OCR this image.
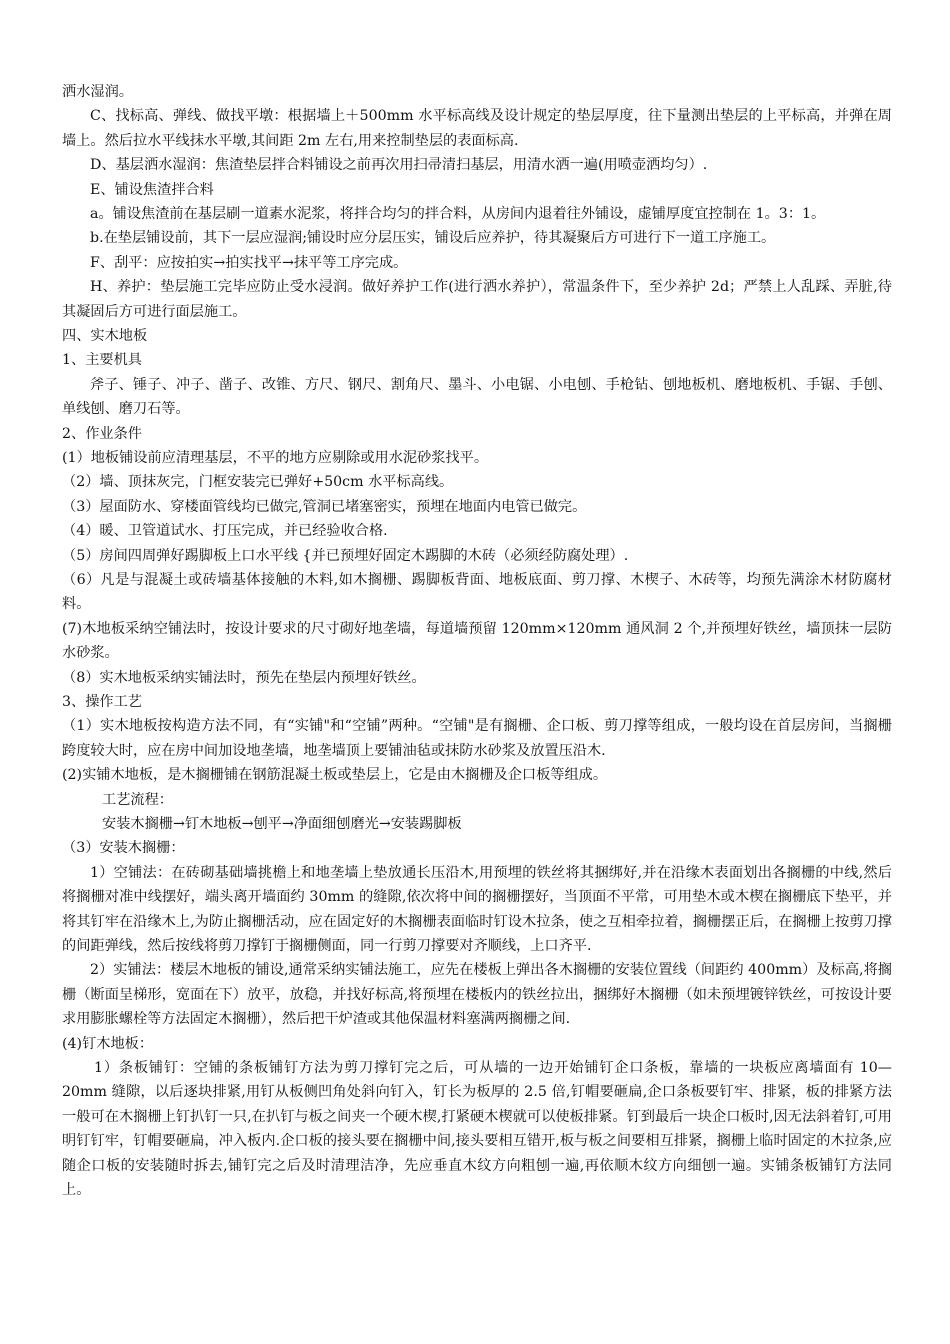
洒水湿润。
C、找标高、弹线、做找平墩：根据墙上＋500mm 水平标高线及设计规定的垫层厚度，往下量测出垫层的上平标高，并弹在周墙上。然后拉水平线抹水平墩,其间距 2m 左右,用来控制垫层的表面标高.
D、基层洒水湿润：焦渣垫层拌合料铺设之前再次用扫帚清扫基层，用清水洒一遍(用喷壶洒均匀）.
E、铺设焦渣拌合料
a。铺设焦渣前在基层刷一道素水泥浆，将拌合均匀的拌合料，从房间内退着往外铺设，虚铺厚度宜控制在 1。3：1。
b.在垫层铺设前，其下一层应湿润;铺设时应分层压实，铺设后应养护，待其凝聚后方可进行下一道工序施工。
F、刮平：应按拍实→拍实找平→抹平等工序完成。
H、养护：垫层施工完毕应防止受水浸润。做好养护工作(进行洒水养护），常温条件下，至少养护 2d；严禁上人乱踩、弄脏,待其凝固后方可进行面层施工。
四、实木地板
1、主要机具
斧子、锤子、冲子、凿子、改锥、方尺、钢尺、割角尺、墨斗、小电锯、小电刨、手枪钻、刨地板机、磨地板机、手锯、手刨、单线刨、磨刀石等。
2、作业条件
(1）地板铺设前应清理基层，不平的地方应剔除或用水泥砂浆找平。
（2）墙、顶抹灰完，门框安装完已弹好+50cm 水平标高线。
（3）屋面防水、穿楼面管线均已做完,管洞已堵塞密实，预埋在地面内电管已做完。
（4）暖、卫管道试水、打压完成，并已经验收合格.
（5）房间四周弹好踢脚板上口水平线 {并已预埋好固定木踢脚的木砖（必须经防腐处理）.
（6）凡是与混凝土或砖墙基体接触的木料,如木搁栅、踢脚板背面、地板底面、剪刀撑、木楔子、木砖等，均预先满涂木材防腐材料。
(7)木地板采纳空铺法时，按设计要求的尺寸砌好地垄墙，每道墙预留 120mm×120mm 通风洞 2 个,并预埋好铁丝，墙顶抹一层防水砂浆。
（8）实木地板采纳实铺法时，预先在垫层内预埋好铁丝。
3、操作工艺
（1）实木地板按构造方法不同，有“实铺"和“空铺”两种。“空铺"是有搁栅、企口板、剪刀撑等组成，一般均设在首层房间，当搁栅跨度较大时，应在房中间加设地垄墙，地垄墙顶上要铺油毡或抹防水砂浆及放置压沿木.
(2)实铺木地板，是木搁栅铺在钢筋混凝土板或垫层上，它是由木搁栅及企口板等组成。
工艺流程：
安装木搁栅→钉木地板→刨平→净面细刨磨光→安装踢脚板
（3）安装木搁栅：
1）空铺法：在砖砌基础墙挑檐上和地垄墙上垫放通长压沿木,用预埋的铁丝将其捆绑好,并在沿缘木表面划出各搁栅的中线,然后将搁栅对准中线摆好，端头离开墙面约 30mm 的缝隙,依次将中间的搁栅摆好，当顶面不平常，可用垫木或木楔在搁栅底下垫平，并将其钉牢在沿缘木上,为防止搁栅活动，应在固定好的木搁栅表面临时钉设木拉条，使之互相牵拉着，搁栅摆正后，在搁栅上按剪刀撑的间距弹线，然后按线将剪刀撑钉于搁栅侧面，同一行剪刀撑要对齐顺线，上口齐平.
2）实铺法：楼层木地板的铺设,通常采纳实铺法施工，应先在楼板上弹出各木搁栅的安装位置线（间距约 400mm）及标高,将搁栅（断面呈梯形，宽面在下）放平，放稳，并找好标高,将预埋在楼板内的铁丝拉出，捆绑好木搁栅（如未预埋镀锌铁丝，可按设计要求用膨胀螺栓等方法固定木搁栅），然后把干炉渣或其他保温材料塞满两搁栅之间.
(4)钉木地板：
1）条板铺钉：空铺的条板铺钉方法为剪刀撑钉完之后，可从墙的一边开始铺钉企口条板，靠墙的一块板应离墙面有 10—20mm 缝隙，以后逐块排紧,用钉从板侧凹角处斜向钉入，钉长为板厚的 2.5 倍,钉帽要砸扁,企口条板要钉牢、排紧，板的排紧方法一般可在木搁栅上钉扒钉一只,在扒钉与板之间夹一个硬木楔,打紧硬木楔就可以使板排紧。钉到最后一块企口板时,因无法斜着钉,可用明钉钉牢，钉帽要砸扁，冲入板内.企口板的接头要在搁栅中间,接头要相互错开,板与板之间要相互排紧，搁栅上临时固定的木拉条,应随企口板的安装随时拆去,铺钉完之后及时清理洁净，先应垂直木纹方向粗刨一遍,再依顺木纹方向细刨一遍。实铺条板铺钉方法同上。
